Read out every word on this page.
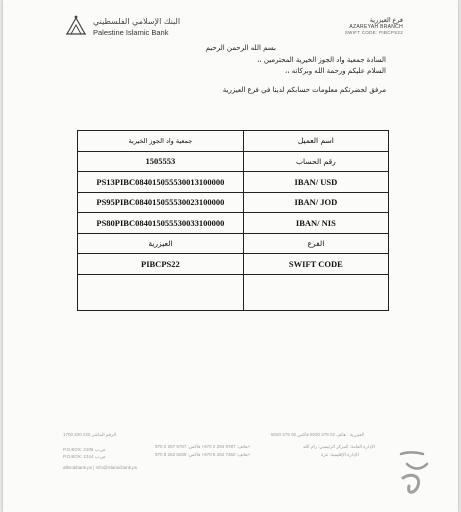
البنك الإسلامي الفلسطيني
Palestine Islamic Bank
فرع العيزرية
AZAREYAH BRANCH
SWIFT CODE: PIBCPS22
بسم الله الرحمن الرحيم
السادة جمعية واد الجوز الخيرية المحترمين ،،
السلام عليكم ورحمة الله وبركاته ،،
مرفق لحضرتكم معلومات حسابكم لدينا في فرع العيزرية
جمعية واد الجوز الخيرية	اسم العميل
1505553	رقم الحساب
PS13PIBC084015055530013100000	IBAN/ USD
PS95PIBC084015055530023100000	IBAN/ JOD
PS80PIBC084015055530033100000	IBAN/ NIS
العيزرية	الفرع
PIBCPS22	SWIFT CODE

1700 220 220 الرقم الماشر
P.O.BOX: 2106 ص.ب
P.O.BOX: 1244 ص.ب
هاتف: 9787 294 2 970+ فاكس: 9787 297 2 970+
هاتف: 7360 282 8 970+ فاكس: 6289 262 8 970+
allbrokbank.ps | info@islamicbank.ps
العيزرية : هاتف 02 279 5030 فاكس 02 279 5020
الإدارة العامة: المركز الرئيسي: رام الله
الإدارة الإقليمية: غزة
